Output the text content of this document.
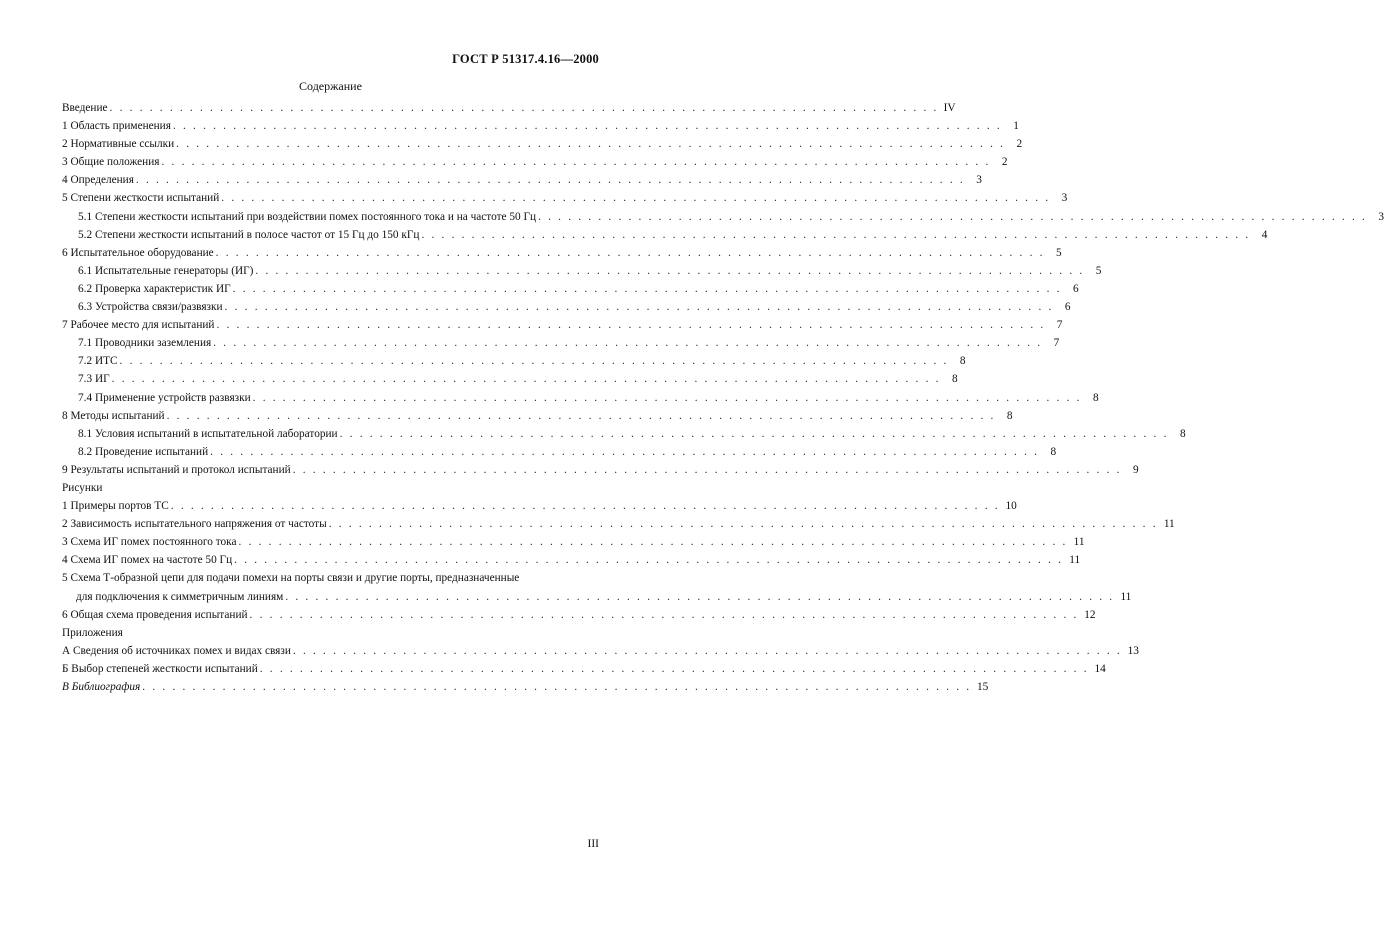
ГОСТ Р 51317.4.16—2000
Содержание
Введение . . . . . . . . . . . . . . . . . . . . . . . . . . . . . . . . . . . . . . . . . . . . . . . . . . . . . . . . . . . . . . . . . . . . . . . . . . . . . . . . . . . IV
1 Область применения . . . . . . . . . . . . . . . . . . . . . . . . . . . . . . . . . . . . . . . . . . . . . . . . . . . . . . . . . . . . . . . . . . . . . . . . . . . . . . . . . . .	1
2 Нормативные ссылки . . . . . . . . . . . . . . . . . . . . . . . . . . . . . . . . . . . . . . . . . . . . . . . . . . . . . . . . . . . . . . . . . . . . . . . . . . . . . . . . . . .	2
3 Общие положения . . . . . . . . . . . . . . . . . . . . . . . . . . . . . . . . . . . . . . . . . . . . . . . . . . . . . . . . . . . . . . . . . . . . . . . . . . . . . . . . . . .	2
4 Определения . . . . . . . . . . . . . . . . . . . . . . . . . . . . . . . . . . . . . . . . . . . . . . . . . . . . . . . . . . . . . . . . . . . . . . . . . . . . . . . . . . .	3
5 Степени жесткости испытаний . . . . . . . . . . . . . . . . . . . . . . . . . . . . . . . . . . . . . . . . . . . . . . . . . . . . . . . . . . . . . . . . . . . . . . . . . . . . . . . . . . .	3
5.1 Степени жесткости испытаний при воздействии помех постоянного тока и на частоте 50 Гц . . . . . . . . . . . . . . . . . . . . . . . . . . . . . . . . . . . . . . . . . . . . . . . . . . . . . . . . . . . . . . . . . . . . . . . . . . . . . . . . . . .	3
5.2 Степени жесткости испытаний в полосе частот от 15 Гц до 150 кГц . . . . . . . . . . . . . . . . . . . . . . . . . . . . . . . . . . . . . . . . . . . . . . . . . . . . . . . . . . . . . . . . . . . . . . . . . . . . . . . . . . .	4
6 Испытательное оборудование . . . . . . . . . . . . . . . . . . . . . . . . . . . . . . . . . . . . . . . . . . . . . . . . . . . . . . . . . . . . . . . . . . . . . . . . . . . . . . . . . . .	5
6.1 Испытательные генераторы (ИГ) . . . . . . . . . . . . . . . . . . . . . . . . . . . . . . . . . . . . . . . . . . . . . . . . . . . . . . . . . . . . . . . . . . . . . . . . . . . . . . . . . . .	5
6.2 Проверка характеристик ИГ . . . . . . . . . . . . . . . . . . . . . . . . . . . . . . . . . . . . . . . . . . . . . . . . . . . . . . . . . . . . . . . . . . . . . . . . . . . . . . . . . . .	6
6.3 Устройства связи/развязки . . . . . . . . . . . . . . . . . . . . . . . . . . . . . . . . . . . . . . . . . . . . . . . . . . . . . . . . . . . . . . . . . . . . . . . . . . . . . . . . . . .	6
7 Рабочее место для испытаний . . . . . . . . . . . . . . . . . . . . . . . . . . . . . . . . . . . . . . . . . . . . . . . . . . . . . . . . . . . . . . . . . . . . . . . . . . . . . . . . . . .	7
7.1 Проводники заземления . . . . . . . . . . . . . . . . . . . . . . . . . . . . . . . . . . . . . . . . . . . . . . . . . . . . . . . . . . . . . . . . . . . . . . . . . . . . . . . . . . .	7
7.2 ИТС . . . . . . . . . . . . . . . . . . . . . . . . . . . . . . . . . . . . . . . . . . . . . . . . . . . . . . . . . . . . . . . . . . . . . . . . . . . . . . . . . . .	8
7.3 ИГ . . . . . . . . . . . . . . . . . . . . . . . . . . . . . . . . . . . . . . . . . . . . . . . . . . . . . . . . . . . . . . . . . . . . . . . . . . . . . . . . . . .	8
7.4 Применение устройств развязки . . . . . . . . . . . . . . . . . . . . . . . . . . . . . . . . . . . . . . . . . . . . . . . . . . . . . . . . . . . . . . . . . . . . . . . . . . . . . . . . . . .	8
8 Методы испытаний . . . . . . . . . . . . . . . . . . . . . . . . . . . . . . . . . . . . . . . . . . . . . . . . . . . . . . . . . . . . . . . . . . . . . . . . . . . . . . . . . . .	8
8.1 Условия испытаний в испытательной лаборатории . . . . . . . . . . . . . . . . . . . . . . . . . . . . . . . . . . . . . . . . . . . . . . . . . . . . . . . . . . . . . . . . . . . . . . . . . . . . . . . . . . .	8
8.2 Проведение испытаний . . . . . . . . . . . . . . . . . . . . . . . . . . . . . . . . . . . . . . . . . . . . . . . . . . . . . . . . . . . . . . . . . . . . . . . . . . . . . . . . . . .	8
9 Результаты испытаний и протокол испытаний . . . . . . . . . . . . . . . . . . . . . . . . . . . . . . . . . . . . . . . . . . . . . . . . . . . . . . . . . . . . . . . . . . . . . . . . . . . . . . . . . . .	9
Рисунки
1 Примеры портов ТС . . . . . . . . . . . . . . . . . . . . . . . . . . . . . . . . . . . . . . . . . . . . . . . . . . . . . . . . . . . . . . . . . . . . . . . . . . . . . . . . . . . 10
2 Зависимость испытательного напряжения от частоты . . . . . . . . . . . . . . . . . . . . . . . . . . . . . . . . . . . . . . . . . . . . . . . . . . . . . . . . . . . . . . . . . . . . . . . . . . . . . . . . . . . 11
3 Схема ИГ помех постоянного тока . . . . . . . . . . . . . . . . . . . . . . . . . . . . . . . . . . . . . . . . . . . . . . . . . . . . . . . . . . . . . . . . . . . . . . . . . . . . . . . . . . . 11
4 Схема ИГ помех на частоте 50 Гц . . . . . . . . . . . . . . . . . . . . . . . . . . . . . . . . . . . . . . . . . . . . . . . . . . . . . . . . . . . . . . . . . . . . . . . . . . . . . . . . . . . 11
5 Схема Т-образной цепи для подачи помехи на порты связи и другие порты, предназначенные
для подключения к симметричным линиям . . . . . . . . . . . . . . . . . . . . . . . . . . . . . . . . . . . . . . . . . . . . . . . . . . . . . . . . . . . . . . . . . . . . . . . . . . . . . . . . . . . 11
6 Общая схема проведения испытаний . . . . . . . . . . . . . . . . . . . . . . . . . . . . . . . . . . . . . . . . . . . . . . . . . . . . . . . . . . . . . . . . . . . . . . . . . . . . . . . . . . . 12
Приложения
А Сведения об источниках помех и видах связи . . . . . . . . . . . . . . . . . . . . . . . . . . . . . . . . . . . . . . . . . . . . . . . . . . . . . . . . . . . . . . . . . . . . . . . . . . . . . . . . . . . 13
Б Выбор степеней жесткости испытаний . . . . . . . . . . . . . . . . . . . . . . . . . . . . . . . . . . . . . . . . . . . . . . . . . . . . . . . . . . . . . . . . . . . . . . . . . . . . . . . . . . . 14
В Библиография . . . . . . . . . . . . . . . . . . . . . . . . . . . . . . . . . . . . . . . . . . . . . . . . . . . . . . . . . . . . . . . . . . . . . . . . . . . . . . . . . . . 15
III
